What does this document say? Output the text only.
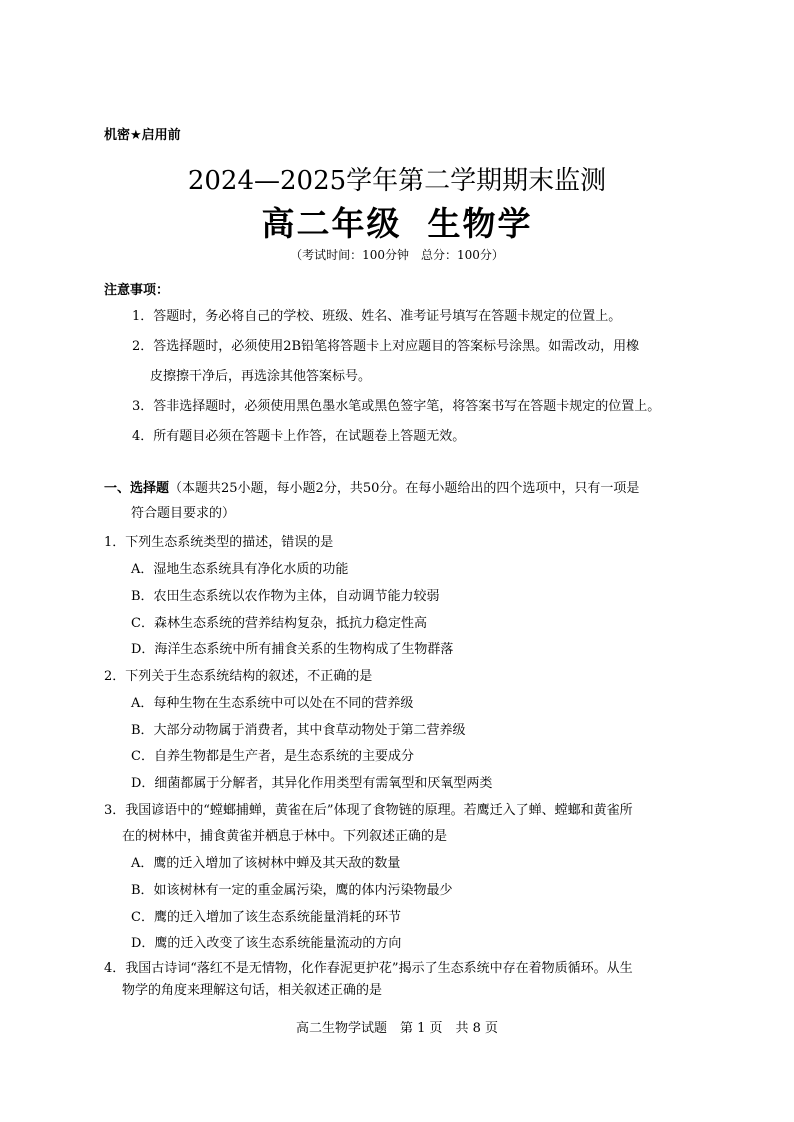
机密★启用前
2024—2025学年第二学期期末监测
高二年级 生物学
（考试时间：100分钟　总分：100分）
注意事项：
1．答题时，务必将自己的学校、班级、姓名、准考证号填写在答题卡规定的位置上。
2．答选择题时，必须使用2B铅笔将答题卡上对应题目的答案标号涂黑。如需改动，用橡
皮擦擦干净后，再选涂其他答案标号。
3．答非选择题时，必须使用黑色墨水笔或黑色签字笔，将答案书写在答题卡规定的位置上。
4．所有题目必须在答题卡上作答，在试题卷上答题无效。
一、选择题（本题共25小题，每小题2分，共50分。在每小题给出的四个选项中，只有一项是
符合题目要求的）
1．下列生态系统类型的描述，错误的是
A．湿地生态系统具有净化水质的功能
B．农田生态系统以农作物为主体，自动调节能力较弱
C．森林生态系统的营养结构复杂，抵抗力稳定性高
D．海洋生态系统中所有捕食关系的生物构成了生物群落
2．下列关于生态系统结构的叙述，不正确的是
A．每种生物在生态系统中可以处在不同的营养级
B．大部分动物属于消费者，其中食草动物处于第二营养级
C．自养生物都是生产者，是生态系统的主要成分
D．细菌都属于分解者，其异化作用类型有需氧型和厌氧型两类
3．我国谚语中的“螳螂捕蝉，黄雀在后”体现了食物链的原理。若鹰迁入了蝉、螳螂和黄雀所
在的树林中，捕食黄雀并栖息于林中。下列叙述正确的是
A．鹰的迁入增加了该树林中蝉及其天敌的数量
B．如该树林有一定的重金属污染，鹰的体内污染物最少
C．鹰的迁入增加了该生态系统能量消耗的环节
D．鹰的迁入改变了该生态系统能量流动的方向
4．我国古诗词“落红不是无情物，化作春泥更护花”揭示了生态系统中存在着物质循环。从生
物学的角度来理解这句话，相关叙述正确的是
高二生物学试题　第 1 页　共 8 页
